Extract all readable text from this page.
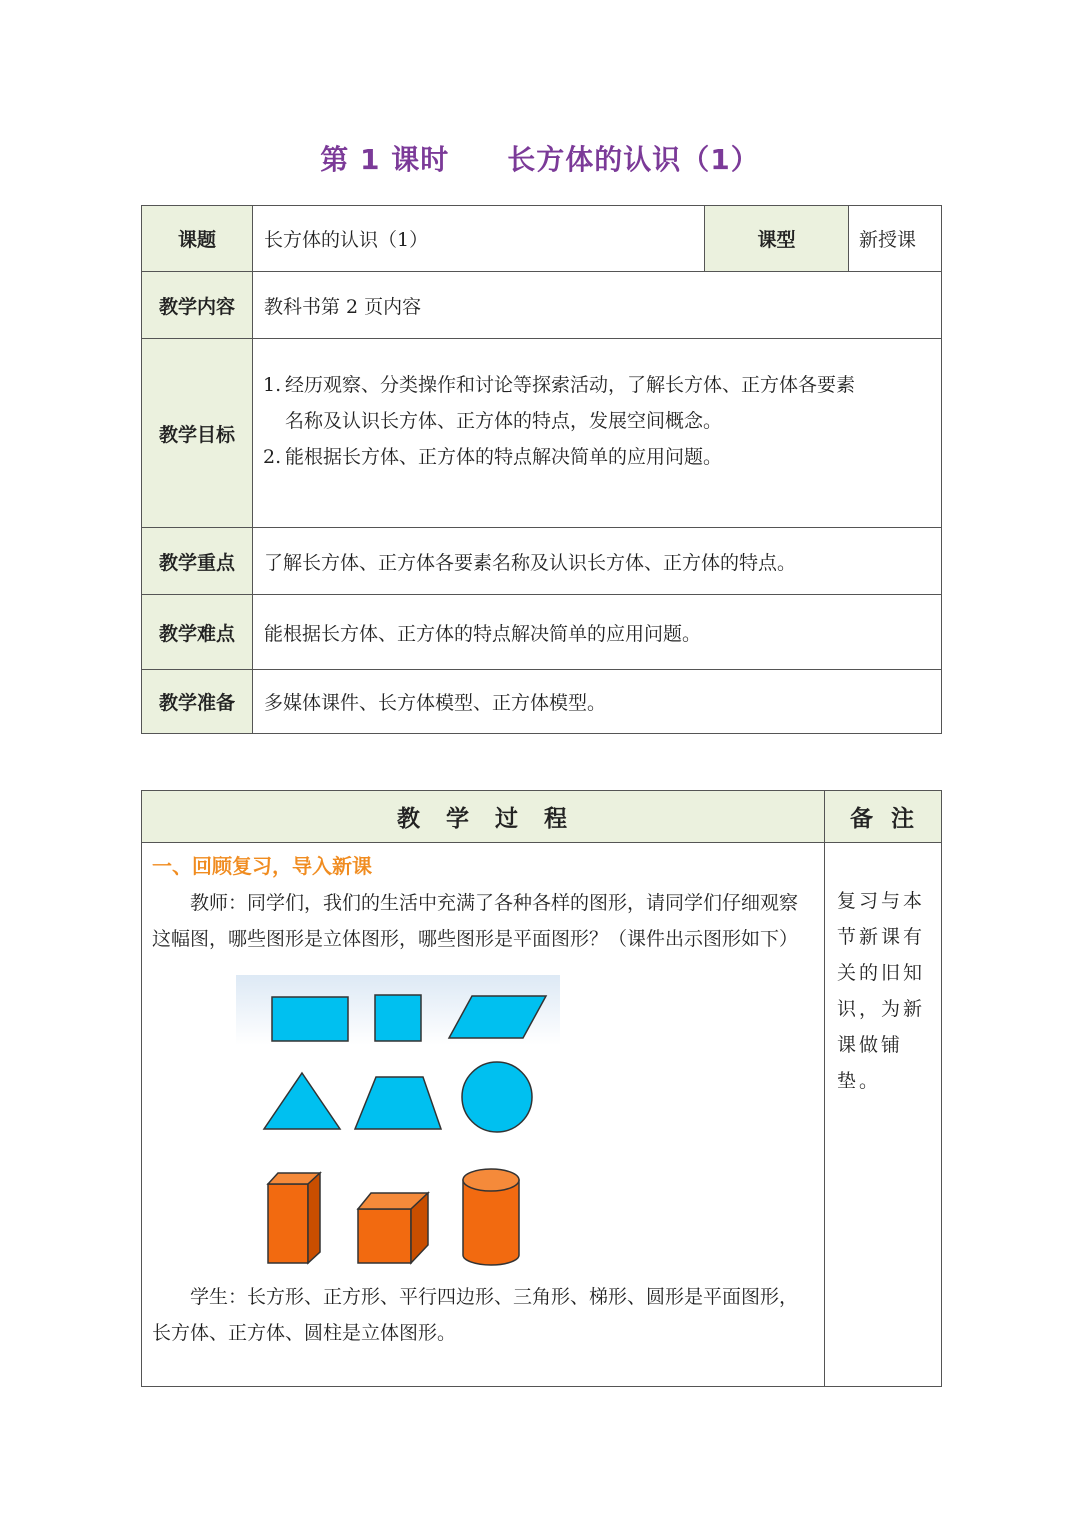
第 1 课时 长方体的认识（1）
课题	长方体的认识（1）	课型	新授课
教学内容	教科书第 2 页内容		
教学目标	1. 经历观察、分类操作和讨论等探索活动，了解长方体、正方体各要素

名称及认识长方体、正方体的特点，发展空间概念。

2. 能根据长方体、正方体的特点解决简单的应用问题。		

教学重点	了解长方体、正方体各要素名称及认识长方体、正方体的特点。		
教学难点	能根据长方体、正方体的特点解决简单的应用问题。		
教学准备	多媒体课件、长方体模型、正方体模型。		
教 学 过 程	备 注

一、回顾复习，导入新课

教师：同学们，我们的生活中充满了各种各样的图形，请同学们仔细观察这幅图，哪些图形是立体图形，哪些图形是平面图形？（课件出示图形如下）

学生：长方形、正方形、平行四边形、三角形、梯形、圆形是平面图形，长方体、正方体、圆柱是立体图形。	复习与本节新课有关的旧知识，为新课做铺垫。
